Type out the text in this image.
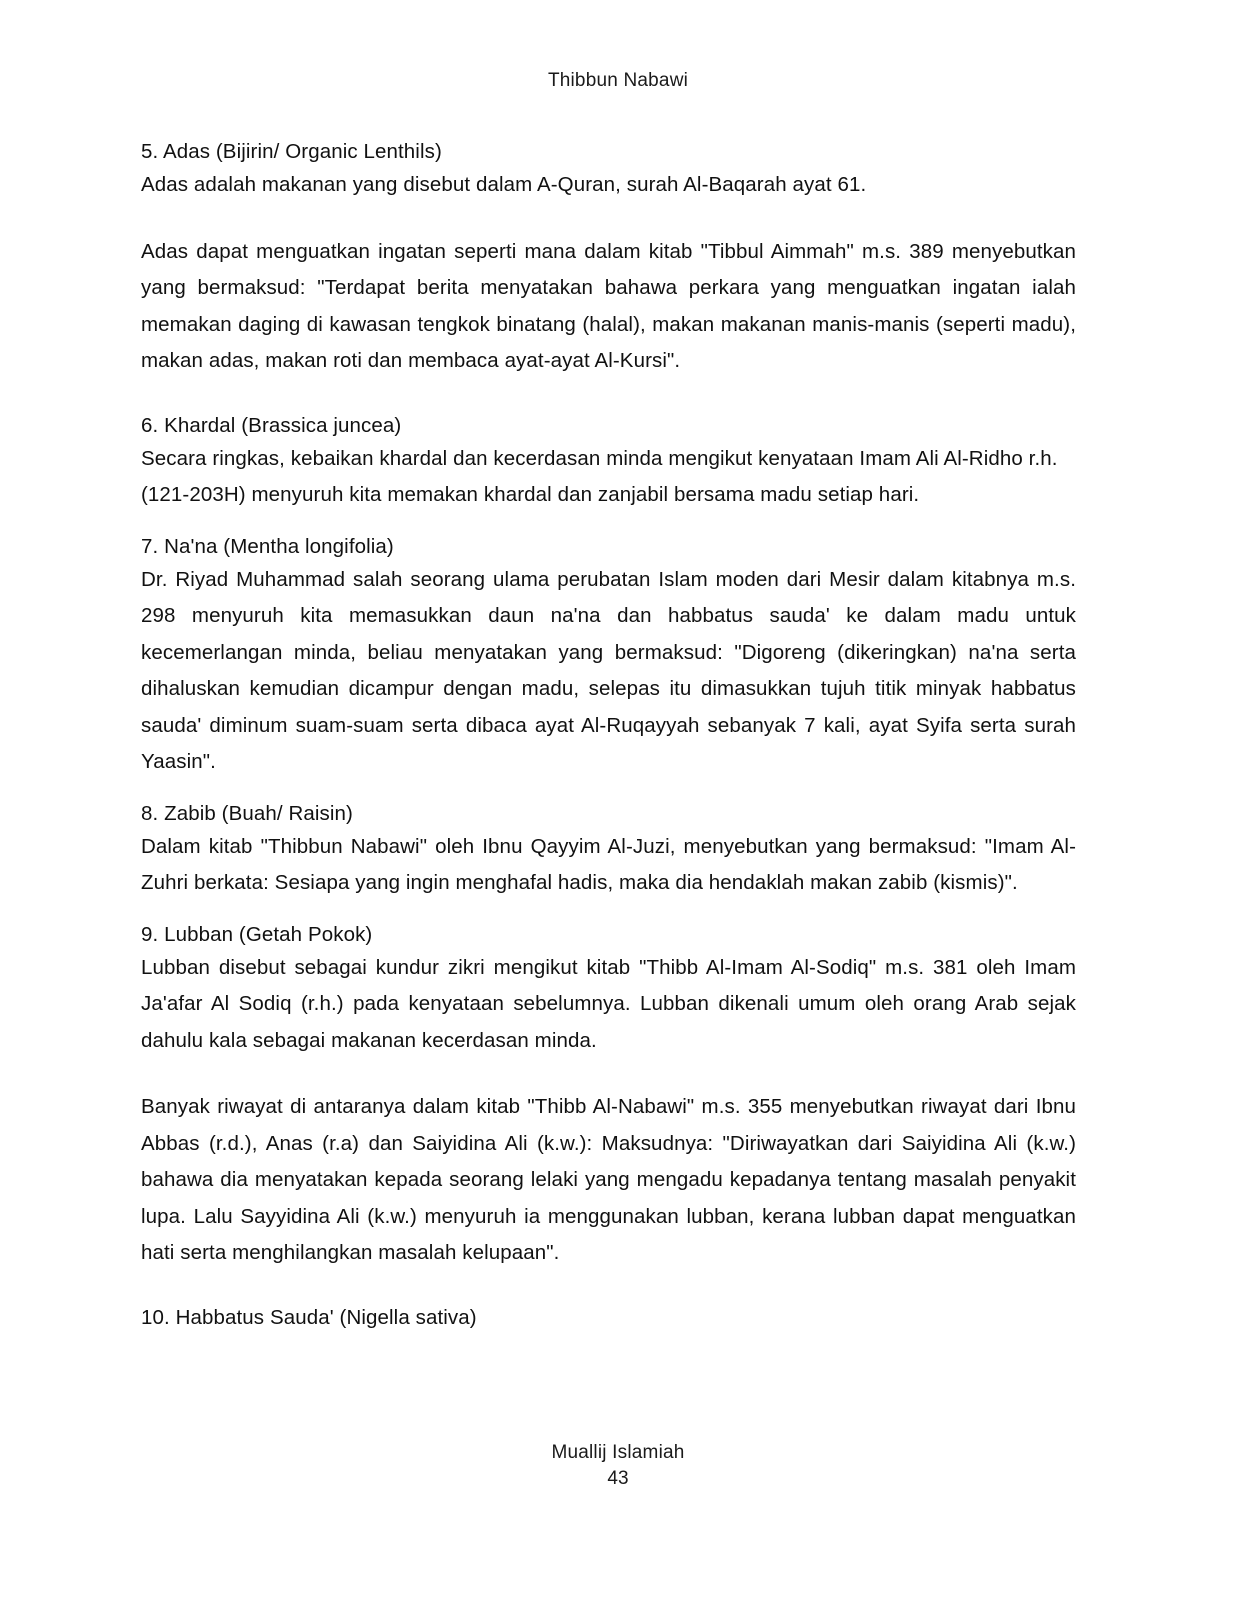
Thibbun Nabawi

5. Adas (Bijirin/ Organic Lenthils)

Adas adalah makanan yang disebut dalam A-Quran, surah Al-Baqarah ayat 61.

Adas dapat menguatkan ingatan seperti mana dalam kitab "Tibbul Aimmah" m.s. 389 menyebutkan yang bermaksud: "Terdapat berita menyatakan bahawa perkara yang menguatkan ingatan ialah memakan daging di kawasan tengkok binatang (halal), makan makanan manis-manis (seperti madu), makan adas, makan roti dan membaca ayat-ayat Al-Kursi".

6. Khardal (Brassica juncea)

Secara ringkas, kebaikan khardal dan kecerdasan minda mengikut kenyataan Imam Ali Al-Ridho r.h. (121-203H) menyuruh kita memakan khardal dan zanjabil bersama madu setiap hari.

7. Na'na (Mentha longifolia)

Dr. Riyad Muhammad salah seorang ulama perubatan Islam moden dari Mesir dalam kitabnya m.s. 298 menyuruh kita memasukkan daun na'na dan habbatus sauda' ke dalam madu untuk kecemerlangan minda, beliau menyatakan yang bermaksud: "Digoreng (dikeringkan) na'na serta dihaluskan kemudian dicampur dengan madu, selepas itu dimasukkan tujuh titik minyak habbatus sauda' diminum suam-suam serta dibaca ayat Al-Ruqayyah sebanyak 7 kali, ayat Syifa serta surah Yaasin".

8. Zabib (Buah/ Raisin)

Dalam kitab "Thibbun Nabawi" oleh Ibnu Qayyim Al-Juzi, menyebutkan yang bermaksud: "Imam Al-Zuhri berkata: Sesiapa yang ingin menghafal hadis, maka dia hendaklah makan zabib (kismis)".

9. Lubban (Getah Pokok)

Lubban disebut sebagai kundur zikri mengikut kitab "Thibb Al-Imam Al-Sodiq" m.s. 381 oleh Imam Ja'afar Al Sodiq (r.h.) pada kenyataan sebelumnya. Lubban dikenali umum oleh orang Arab sejak dahulu kala sebagai makanan kecerdasan minda.

Banyak riwayat di antaranya dalam kitab "Thibb Al-Nabawi" m.s. 355 menyebutkan riwayat dari Ibnu Abbas (r.d.), Anas (r.a) dan Saiyidina Ali (k.w.): Maksudnya: "Diriwayatkan dari Saiyidina Ali (k.w.) bahawa dia menyatakan kepada seorang lelaki yang mengadu kepadanya tentang masalah penyakit lupa. Lalu Sayyidina Ali (k.w.) menyuruh ia menggunakan lubban, kerana lubban dapat menguatkan hati serta menghilangkan masalah kelupaan".

10. Habbatus Sauda' (Nigella sativa)

Muallij Islamiah
43
